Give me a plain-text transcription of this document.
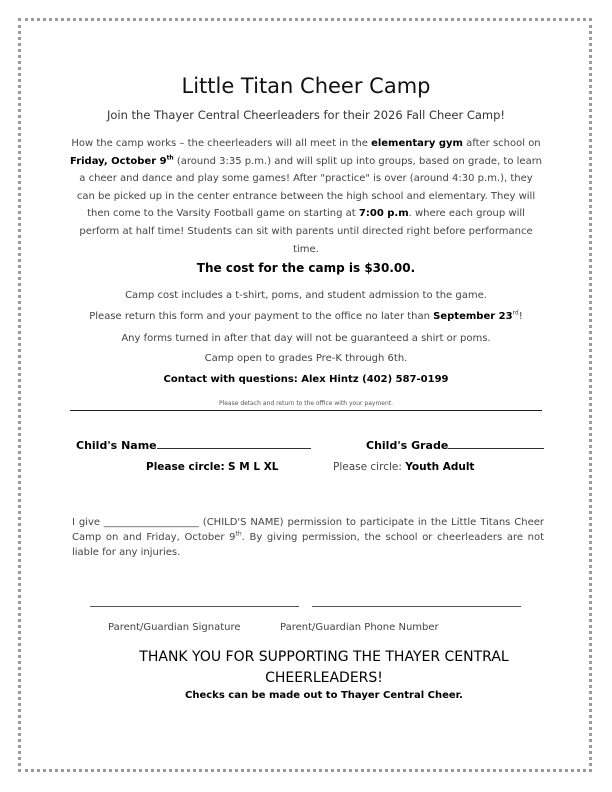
Little Titan Cheer Camp
Join the Thayer Central Cheerleaders for their 2026 Fall Cheer Camp!
How the camp works – the cheerleaders will all meet in the elementary gym after school on Friday, October 9th (around 3:35 p.m.) and will split up into groups, based on grade, to learn a cheer and dance and play some games! After "practice" is over (around 4:30 p.m.), they can be picked up in the center entrance between the high school and elementary. They will then come to the Varsity Football game on starting at 7:00 p.m. where each group will perform at half time! Students can sit with parents until directed right before performance time.
The cost for the camp is $30.00.
Camp cost includes a t-shirt, poms, and student admission to the game.
Please return this form and your payment to the office no later than September 23rd!
Any forms turned in after that day will not be guaranteed a shirt or poms.
Camp open to grades Pre-K through 6th.
Contact with questions: Alex Hintz (402) 587-0199
Please detach and return to the office with your payment.
Child's Name	Child's Grade
Please circle: S M L XL	Please circle: Youth Adult
I give ___________________ (CHILD'S NAME) permission to participate in the Little Titans Cheer Camp on and Friday, October 9th. By giving permission, the school or cheerleaders are not liable for any injuries.
Parent/Guardian Signature	Parent/Guardian Phone Number
THANK YOU FOR SUPPORTING THE THAYER CENTRAL
CHEERLEADERS!
Checks can be made out to Thayer Central Cheer.
